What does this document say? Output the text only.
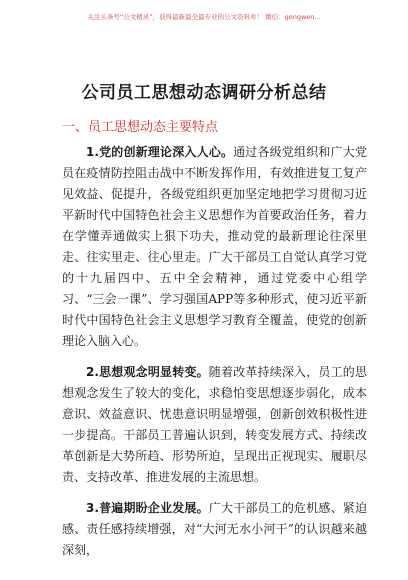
关注头条号“公文精灵”，获得最新最全最专业的公文资料库！ 微信：gongwen...
公司员工思想动态调研分析总结
一、员工思想动态主要特点

1.党的创新理论深入人心。通过各级党组织和广大党员在疫情防控阻击战中不断发挥作用，有效推进复工复产见效益、促提升，各级党组织更加坚定地把学习贯彻习近平新时代中国特色社会主义思想作为首要政治任务，着力在学懂弄通做实上狠下功夫，推动党的最新理论往深里走、往实里走、往心里走。广大干部员工自觉认真学习党的十九届四中、五中全会精神，通过党委中心组学习、“三会一课”、学习强国APP等多种形式，使习近平新时代中国特色社会主义思想学习教育全覆盖，使党的创新理论入脑入心。

2.思想观念明显转变。随着改革持续深入，员工的思想观念发生了较大的变化，求稳怕变思想逐步弱化，成本意识、效益意识、忧患意识明显增强，创新创效积极性进一步提高。干部员工普遍认识到，转变发展方式、持续改革创新是大势所趋、形势所迫，呈现出正视现实、履职尽责、支持改革、推进发展的主流思想。

3.普遍期盼企业发展。广大干部员工的危机感、紧迫感、责任感持续增强，对“大河无水小河干”的认识越来越深刻，
